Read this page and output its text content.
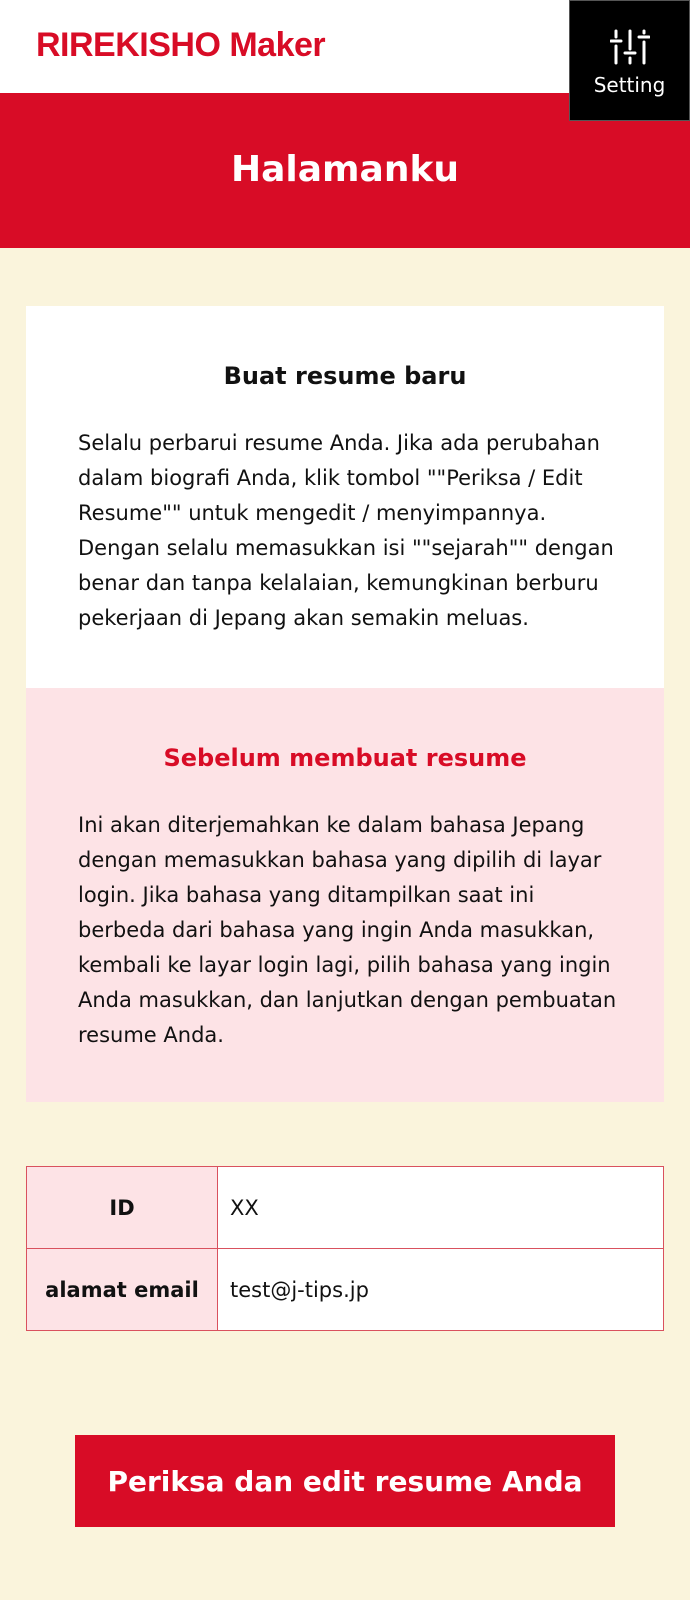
RIREKISHO Maker
Setting
Halamanku
Buat resume baru
Selalu perbarui resume Anda. Jika ada perubahan dalam biografi Anda, klik tombol ""Periksa / Edit Resume"" untuk mengedit / menyimpannya. Dengan selalu memasukkan isi ""sejarah"" dengan benar dan tanpa kelalaian, kemungkinan berburu pekerjaan di Jepang akan semakin meluas.
Sebelum membuat resume
Ini akan diterjemahkan ke dalam bahasa Jepang dengan memasukkan bahasa yang dipilih di layar login. Jika bahasa yang ditampilkan saat ini berbeda dari bahasa yang ingin Anda masukkan, kembali ke layar login lagi, pilih bahasa yang ingin Anda masukkan, dan lanjutkan dengan pembuatan resume Anda.
ID	XX
alamat email	test@j-tips.jp
Periksa dan edit resume Anda
